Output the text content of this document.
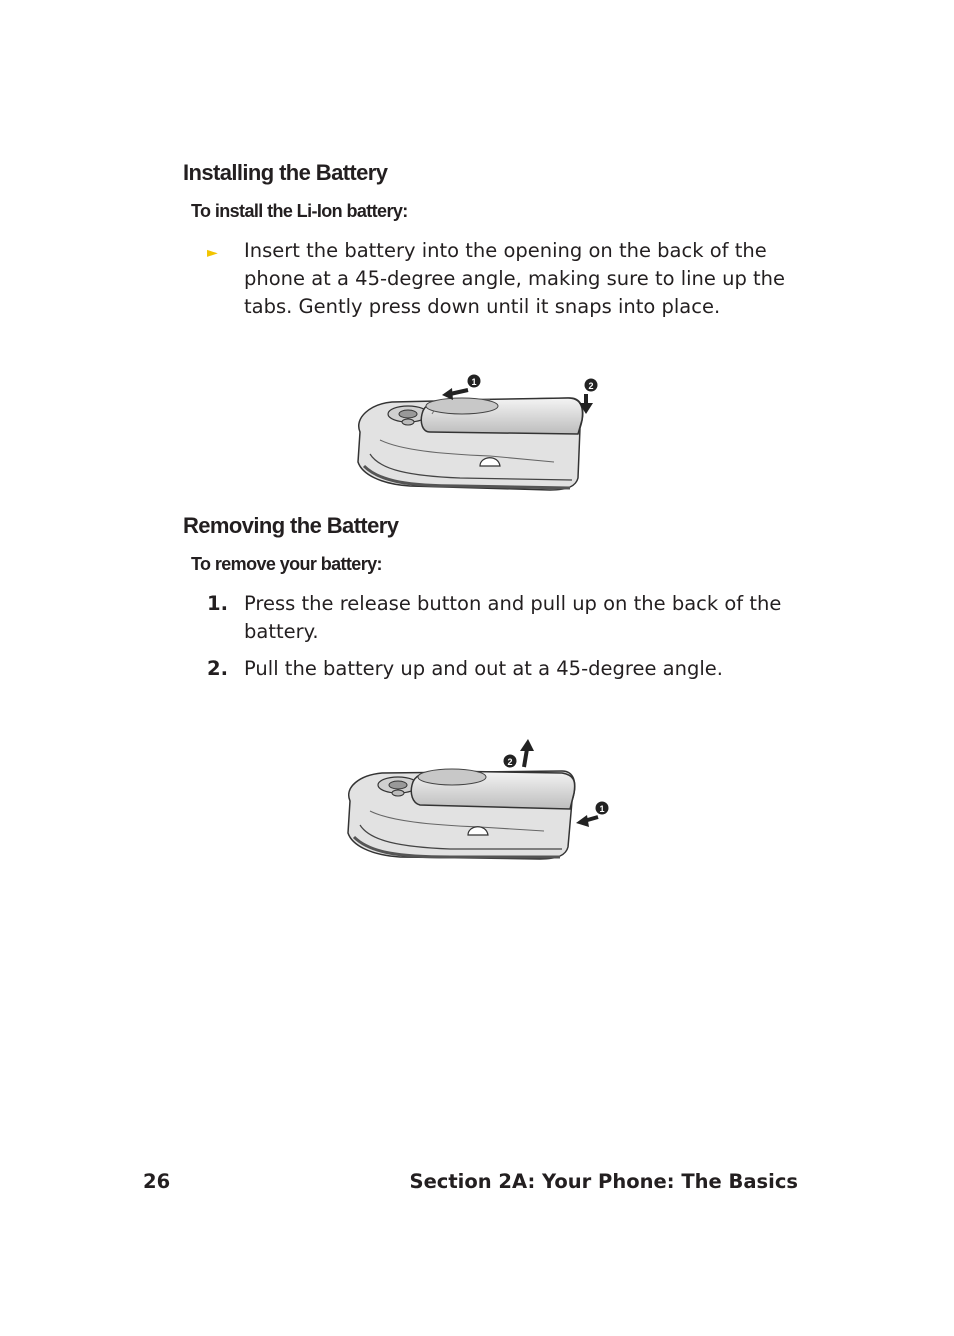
Installing the Battery
To install the Li-Ion battery:
►	Insert the battery into the opening on the back of the phone at a 45-degree angle, making sure to line up the tabs. Gently press down until it snaps into place.
1	2
Removing the Battery
To remove your battery:
1. Press the release button and pull up on the back of the battery.
2. Pull the battery up and out at a 45-degree angle.
2
1
26	Section 2A: Your Phone: The Basics
